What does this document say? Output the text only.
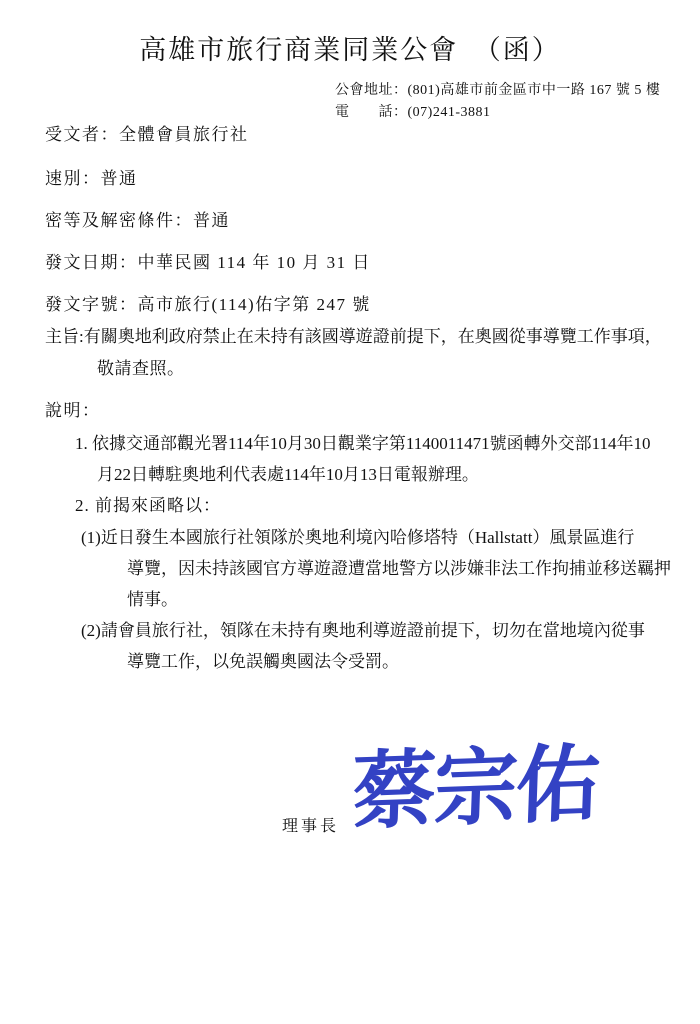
高雄市旅行商業同業公會　（函）
公會地址：(801)高雄市前金區市中一路 167 號 5 樓
電　　話：(07)241-3881
受文者：全體會員旅行社
速別：普通
密等及解密條件：普通
發文日期：中華民國 114 年 10 月 31 日
發文字號：高市旅行(114)佑字第 247 號
主旨:有關奧地利政府禁止在未持有該國導遊證前提下，在奧國從事導覽工作事項，
敬請查照。
說明：
1. 依據交通部觀光署114年10月30日觀業字第1140011471號函轉外交部114年10
月22日轉駐奧地利代表處114年10月13日電報辦理。
2. 前揭來函略以：
(1)近日發生本國旅行社領隊於奧地利境內哈修塔特（Hallstatt）風景區進行
導覽，因未持該國官方導遊證遭當地警方以涉嫌非法工作拘捕並移送羈押
情事。
(2)請會員旅行社，領隊在未持有奧地利導遊證前提下，切勿在當地境內從事
導覽工作，以免誤觸奧國法令受罰。
理事長 蔡宗佑
